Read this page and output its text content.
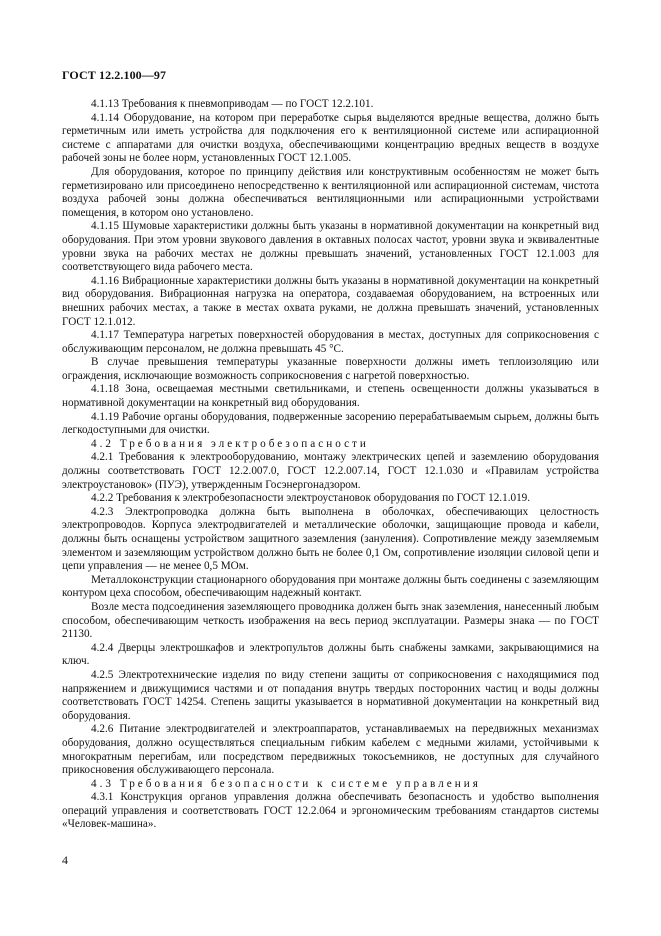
ГОСТ 12.2.100—97

4.1.13 Требования к пневмоприводам — по ГОСТ 12.2.101.

4.1.14 Оборудование, на котором при переработке сырья выделяются вредные вещества, должно быть герметичным или иметь устройства для подключения его к вентиляционной системе или аспирационной системе с аппаратами для очистки воздуха, обеспечивающими концентрацию вредных веществ в воздухе рабочей зоны не более норм, установленных ГОСТ 12.1.005.

Для оборудования, которое по принципу действия или конструктивным особенностям не может быть герметизировано или присоединено непосредственно к вентиляционной или аспирационной системам, чистота воздуха рабочей зоны должна обеспечиваться вентиляционными или аспирационными устройствами помещения, в котором оно установлено.

4.1.15 Шумовые характеристики должны быть указаны в нормативной документации на конкретный вид оборудования. При этом уровни звукового давления в октавных полосах частот, уровни звука и эквивалентные уровни звука на рабочих местах не должны превышать значений, установленных ГОСТ 12.1.003 для соответствующего вида рабочего места.

4.1.16 Вибрационные характеристики должны быть указаны в нормативной документации на конкретный вид оборудования. Вибрационная нагрузка на оператора, создаваемая оборудованием, на встроенных или внешних рабочих местах, а также в местах охвата руками, не должна превышать значений, установленных ГОСТ 12.1.012.

4.1.17 Температура нагретых поверхностей оборудования в местах, доступных для соприкосновения с обслуживающим персоналом, не должна превышать 45 °С.

В случае превышения температуры указанные поверхности должны иметь теплоизоляцию или ограждения, исключающие возможность соприкосновения с нагретой поверхностью.

4.1.18 Зона, освещаемая местными светильниками, и степень освещенности должны указываться в нормативной документации на конкретный вид оборудования.

4.1.19 Рабочие органы оборудования, подверженные засорению перерабатываемым сырьем, должны быть легкодоступными для очистки.

4.2 Требования электробезопасности

4.2.1 Требования к электрооборудованию, монтажу электрических цепей и заземлению оборудования должны соответствовать ГОСТ 12.2.007.0, ГОСТ 12.2.007.14, ГОСТ 12.1.030 и «Правилам устройства электроустановок» (ПУЭ), утвержденным Госэнергонадзором.

4.2.2 Требования к электробезопасности электроустановок оборудования по ГОСТ 12.1.019.

4.2.3 Электропроводка должна быть выполнена в оболочках, обеспечивающих целостность электропроводов. Корпуса электродвигателей и металлические оболочки, защищающие провода и кабели, должны быть оснащены устройством защитного заземления (зануления). Сопротивление между заземляемым элементом и заземляющим устройством должно быть не более 0,1 Ом, сопротивление изоляции силовой цепи и цепи управления — не менее 0,5 МОм.

Металлоконструкции стационарного оборудования при монтаже должны быть соединены с заземляющим контуром цеха способом, обеспечивающим надежный контакт.

Возле места подсоединения заземляющего проводника должен быть знак заземления, нанесенный любым способом, обеспечивающим четкость изображения на весь период эксплуатации. Размеры знака — по ГОСТ 21130.

4.2.4 Дверцы электрошкафов и электропультов должны быть снабжены замками, закрывающимися на ключ.

4.2.5 Электротехнические изделия по виду степени защиты от соприкосновения с находящимися под напряжением и движущимися частями и от попадания внутрь твердых посторонних частиц и воды должны соответствовать ГОСТ 14254. Степень защиты указывается в нормативной документации на конкретный вид оборудования.

4.2.6 Питание электродвигателей и электроаппаратов, устанавливаемых на передвижных механизмах оборудования, должно осуществляться специальным гибким кабелем с медными жилами, устойчивыми к многократным перегибам, или посредством передвижных токосъемников, не доступных для случайного прикосновения обслуживающего персонала.

4.3 Требования безопасности к системе управления

4.3.1 Конструкция органов управления должна обеспечивать безопасность и удобство выполнения операций управления и соответствовать ГОСТ 12.2.064 и эргономическим требованиям стандартов системы «Человек-машина».

4
